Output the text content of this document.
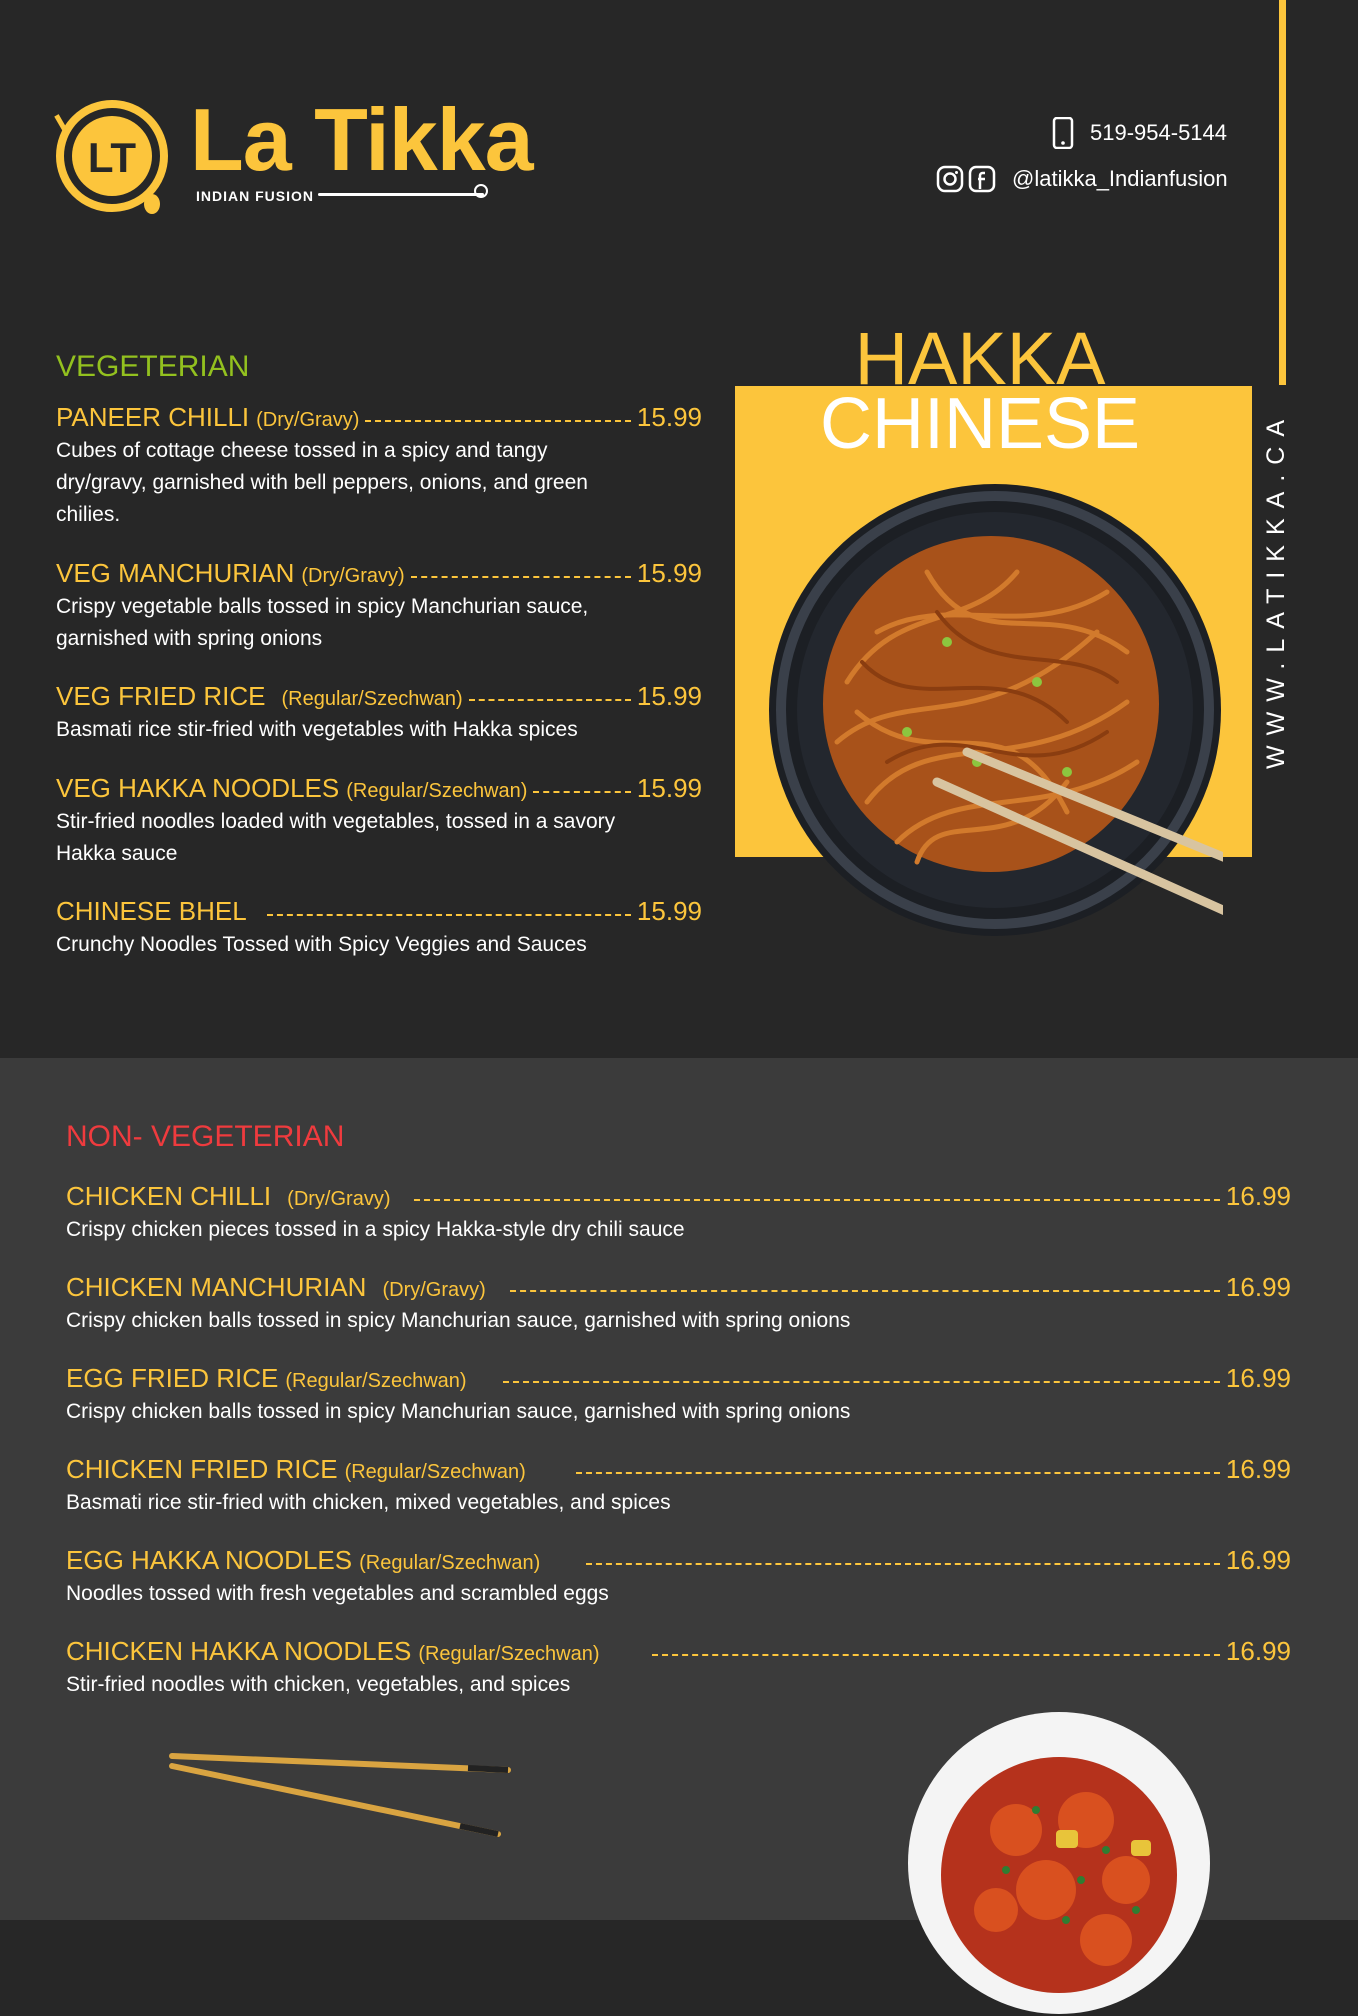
WWW.LATIKKA.CA
LT La Tikka
INDIAN FUSION
519-954-5144
@latikka_Indianfusion
VEGETERIAN
PANEER CHILLI (Dry/Gravy)	15.99
Cubes of cottage cheese tossed in a spicy and tangy dry/gravy, garnished with bell peppers, onions, and green chilies.
VEG MANCHURIAN (Dry/Gravy)	15.99
Crispy vegetable balls tossed in spicy Manchurian sauce, garnished with spring onions
VEG FRIED RICE (Regular/Szechwan)	15.99
Basmati rice stir-fried with vegetables with Hakka spices
VEG HAKKA NOODLES (Regular/Szechwan)	15.99
Stir-fried noodles loaded with vegetables, tossed in a savory Hakka sauce
CHINESE BHEL	15.99
Crunchy Noodles Tossed with Spicy Veggies and Sauces
HAKKA
CHINESE
NON- VEGETERIAN
CHICKEN CHILLI (Dry/Gravy)	16.99
Crispy chicken pieces tossed in a spicy Hakka-style dry chili sauce
CHICKEN MANCHURIAN (Dry/Gravy)	16.99
Crispy chicken balls tossed in spicy Manchurian sauce, garnished with spring onions
EGG FRIED RICE (Regular/Szechwan)	16.99
Crispy chicken balls tossed in spicy Manchurian sauce, garnished with spring onions
CHICKEN FRIED RICE (Regular/Szechwan)	16.99
Basmati rice stir-fried with chicken, mixed vegetables, and spices
EGG HAKKA NOODLES (Regular/Szechwan)	16.99
Noodles tossed with fresh vegetables and scrambled eggs
CHICKEN HAKKA NOODLES (Regular/Szechwan)	16.99
Stir-fried noodles with chicken, vegetables, and spices
